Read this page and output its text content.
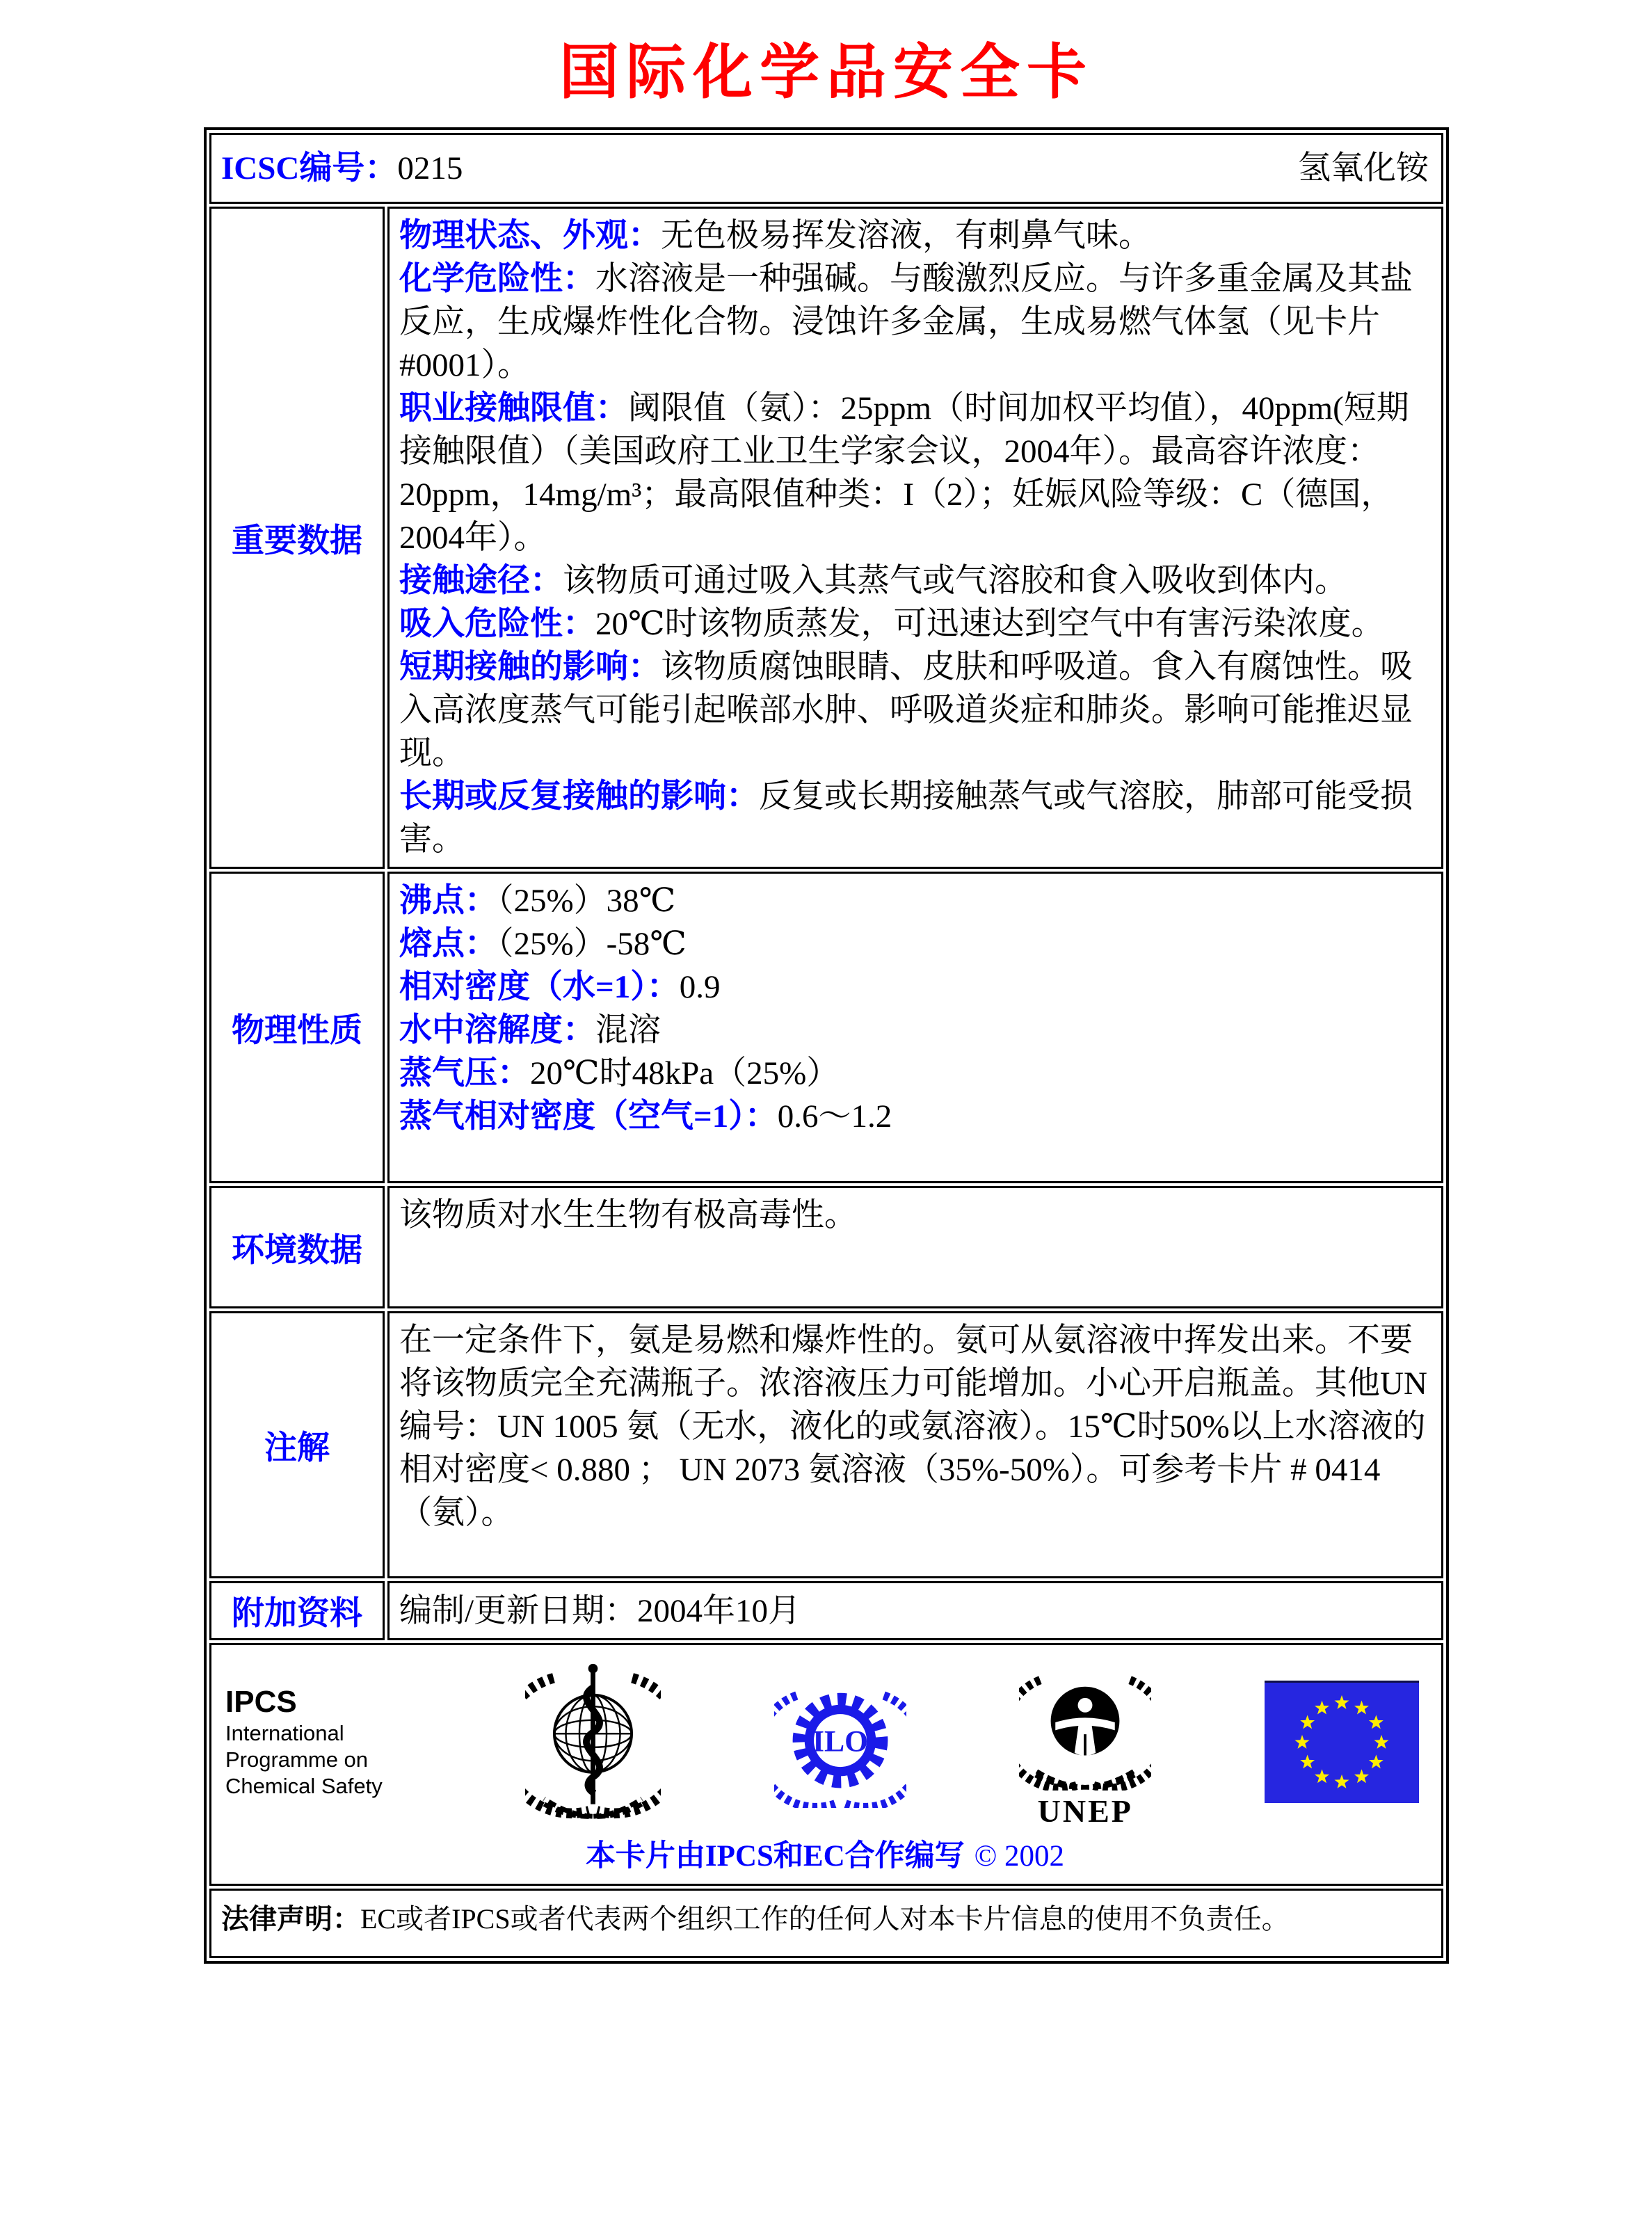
国际化学品安全卡
ICSC编号：0215 氢氧化铵	

重要数据	
物理状态、外观：无色极易挥发溶液，有刺鼻气味。
化学危险性：水溶液是一种强碱。与酸激烈反应。与许多重金属及其盐反应，生成爆炸性化合物。浸蚀许多金属，生成易燃气体氢（见卡片#0001）。
职业接触限值：阈限值（氨）：25ppm（时间加权平均值），40ppm(短期接触限值）（美国政府工业卫生学家会议，2004年）。最高容许浓度：20ppm，14mg/m³；最高限值种类：I（2）；妊娠风险等级：C（德国，2004年）。
接触途径：该物质可通过吸入其蒸气或气溶胶和食入吸收到体内。
吸入危险性：20℃时该物质蒸发，可迅速达到空气中有害污染浓度。
短期接触的影响：该物质腐蚀眼睛、皮肤和呼吸道。食入有腐蚀性。吸入高浓度蒸气可能引起喉部水肿、呼吸道炎症和肺炎。影响可能推迟显现。
长期或反复接触的影响：反复或长期接触蒸气或气溶胶，肺部可能受损害。

物理性质	
沸点：（25%）38℃
熔点：（25%）-58℃
相对密度（水=1）：0.9
水中溶解度：混溶
蒸气压：20℃时48kPa（25%）
蒸气相对密度（空气=1）：0.6～1.2

环境数据	该物质对水生生物有极高毒性。
注解	在一定条件下，氨是易燃和爆炸性的。氨可从氨溶液中挥发出来。不要将该物质完全充满瓶子。浓溶液压力可能增加。小心开启瓶盖。其他UN编号：UN 1005 氨（无水，液化的或氨溶液）。15℃时50%以上水溶液的相对密度< 0.880 ； UN 2073 氨溶液（35%-50%）。可参考卡片 # 0414（氨）。
附加资料	编制/更新日期：2004年10月

IPCS
International
Programme on
Chemical Safety
ILO
UNEP
本卡片由IPCS和EC合作编写 © 2002

法律声明：EC或者IPCS或者代表两个组织工作的任何人对本卡片信息的使用不负责任。	
